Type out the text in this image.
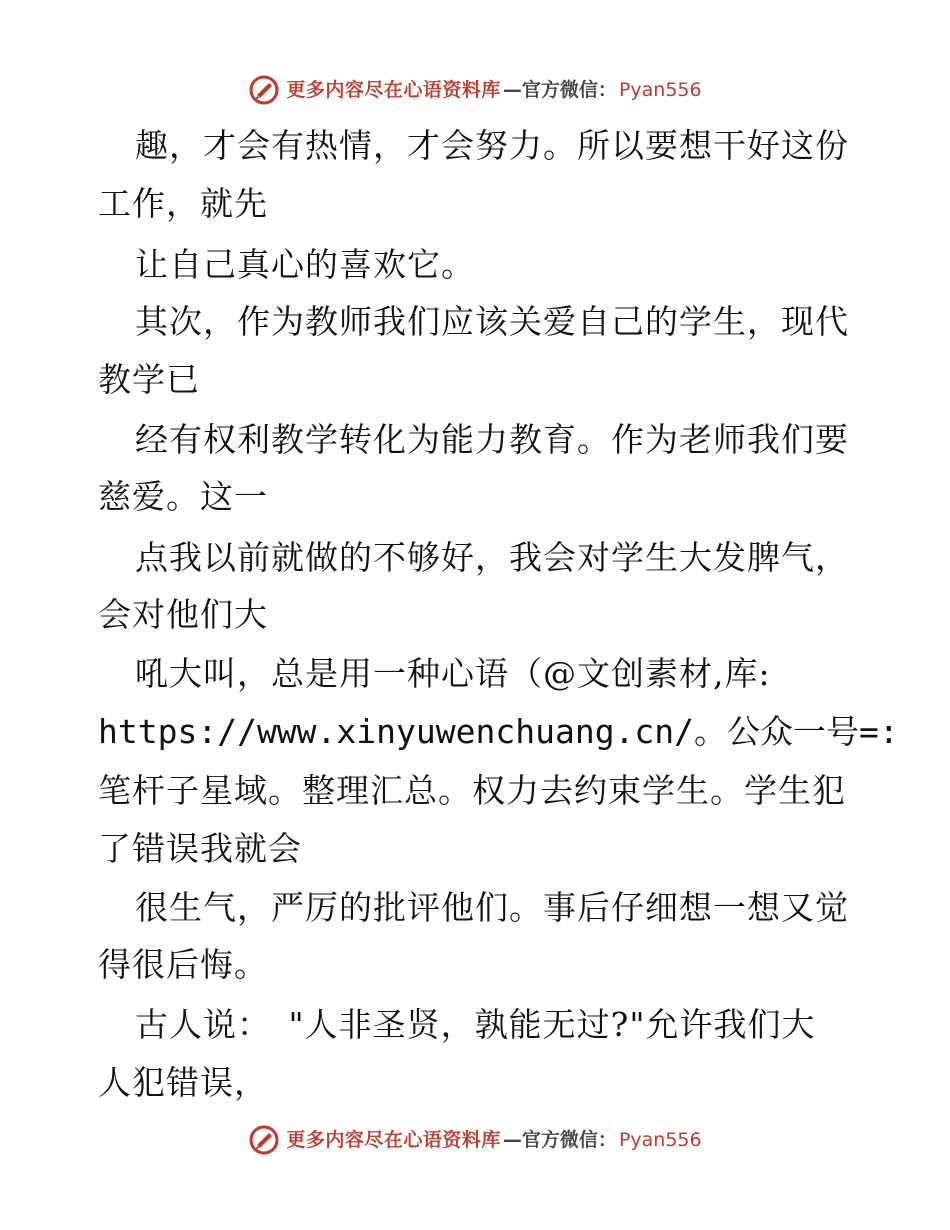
更多内容尽在心语资料库 —官方微信： Pyan556
趣，才会有热情，才会努力。所以要想干好这份
工作，就先
让自己真心的喜欢它。
其次，作为教师我们应该关爱自己的学生，现代
教学已
经有权利教学转化为能力教育。作为老师我们要
慈爱。这一
点我以前就做的不够好，我会对学生大发脾气，
会对他们大
吼大叫，总是用一种心语（@文创素材,库:
https://www.xinyuwenchuang.cn/。公众一号=:
笔杆子星域。整理汇总。权力去约束学生。学生犯
了错误我就会
很生气，严厉的批评他们。事后仔细想一想又觉
得很后悔。
古人说：　"人非圣贤，孰能无过?"允许我们大
人犯错误，
更多内容尽在心语资料库 —官方微信： Pyan556
